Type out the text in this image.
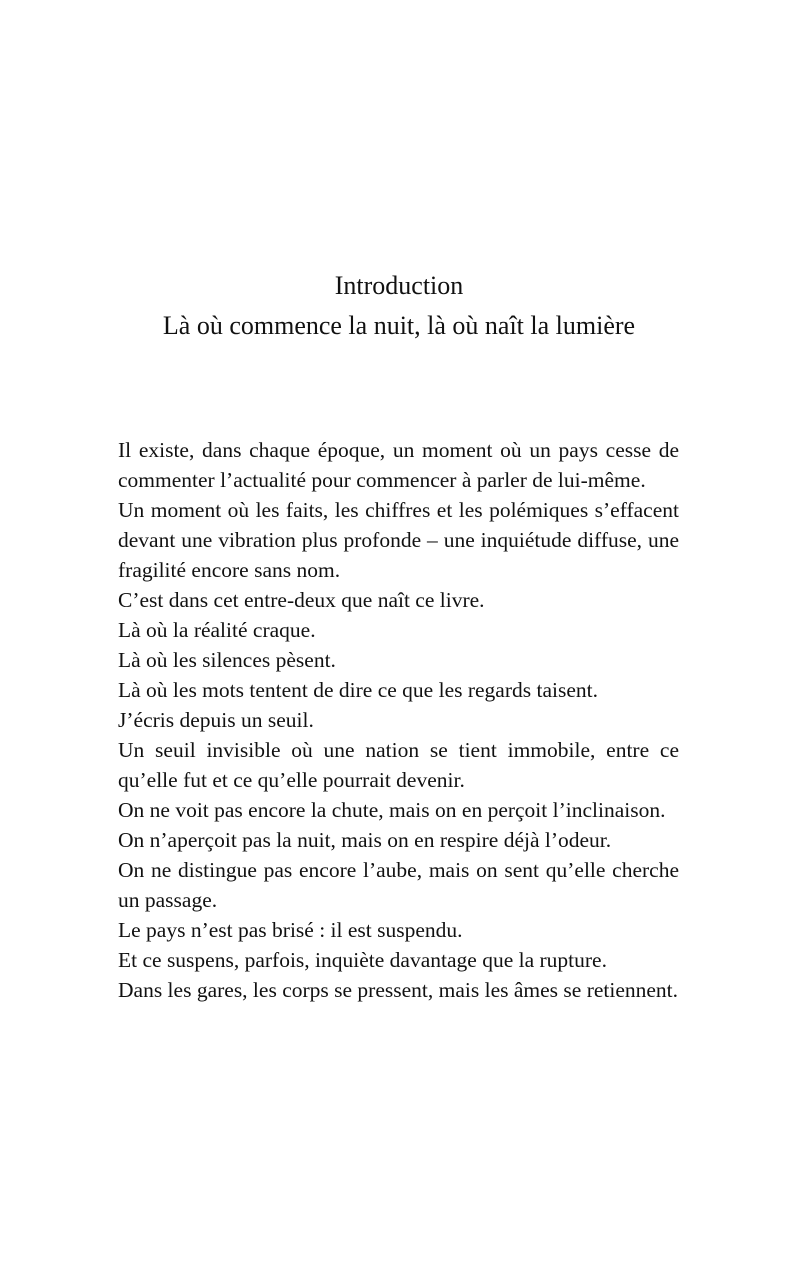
Introduction
Là où commence la nuit, là où naît la lumière

Il existe, dans chaque époque, un moment où un pays cesse de commenter l’actualité pour commencer à parler de lui-même.

Un moment où les faits, les chiffres et les polémiques s’effacent devant une vibration plus profonde – une inquiétude diffuse, une fragilité encore sans nom.

C’est dans cet entre-deux que naît ce livre.

Là où la réalité craque.

Là où les silences pèsent.

Là où les mots tentent de dire ce que les regards taisent.

J’écris depuis un seuil.

Un seuil invisible où une nation se tient immobile, entre ce qu’elle fut et ce qu’elle pourrait devenir.

On ne voit pas encore la chute, mais on en perçoit l’inclinaison.

On n’aperçoit pas la nuit, mais on en respire déjà l’odeur.

On ne distingue pas encore l’aube, mais on sent qu’elle cherche un passage.

Le pays n’est pas brisé : il est suspendu.

Et ce suspens, parfois, inquiète davantage que la rupture.

Dans les gares, les corps se pressent, mais les âmes se retiennent.
